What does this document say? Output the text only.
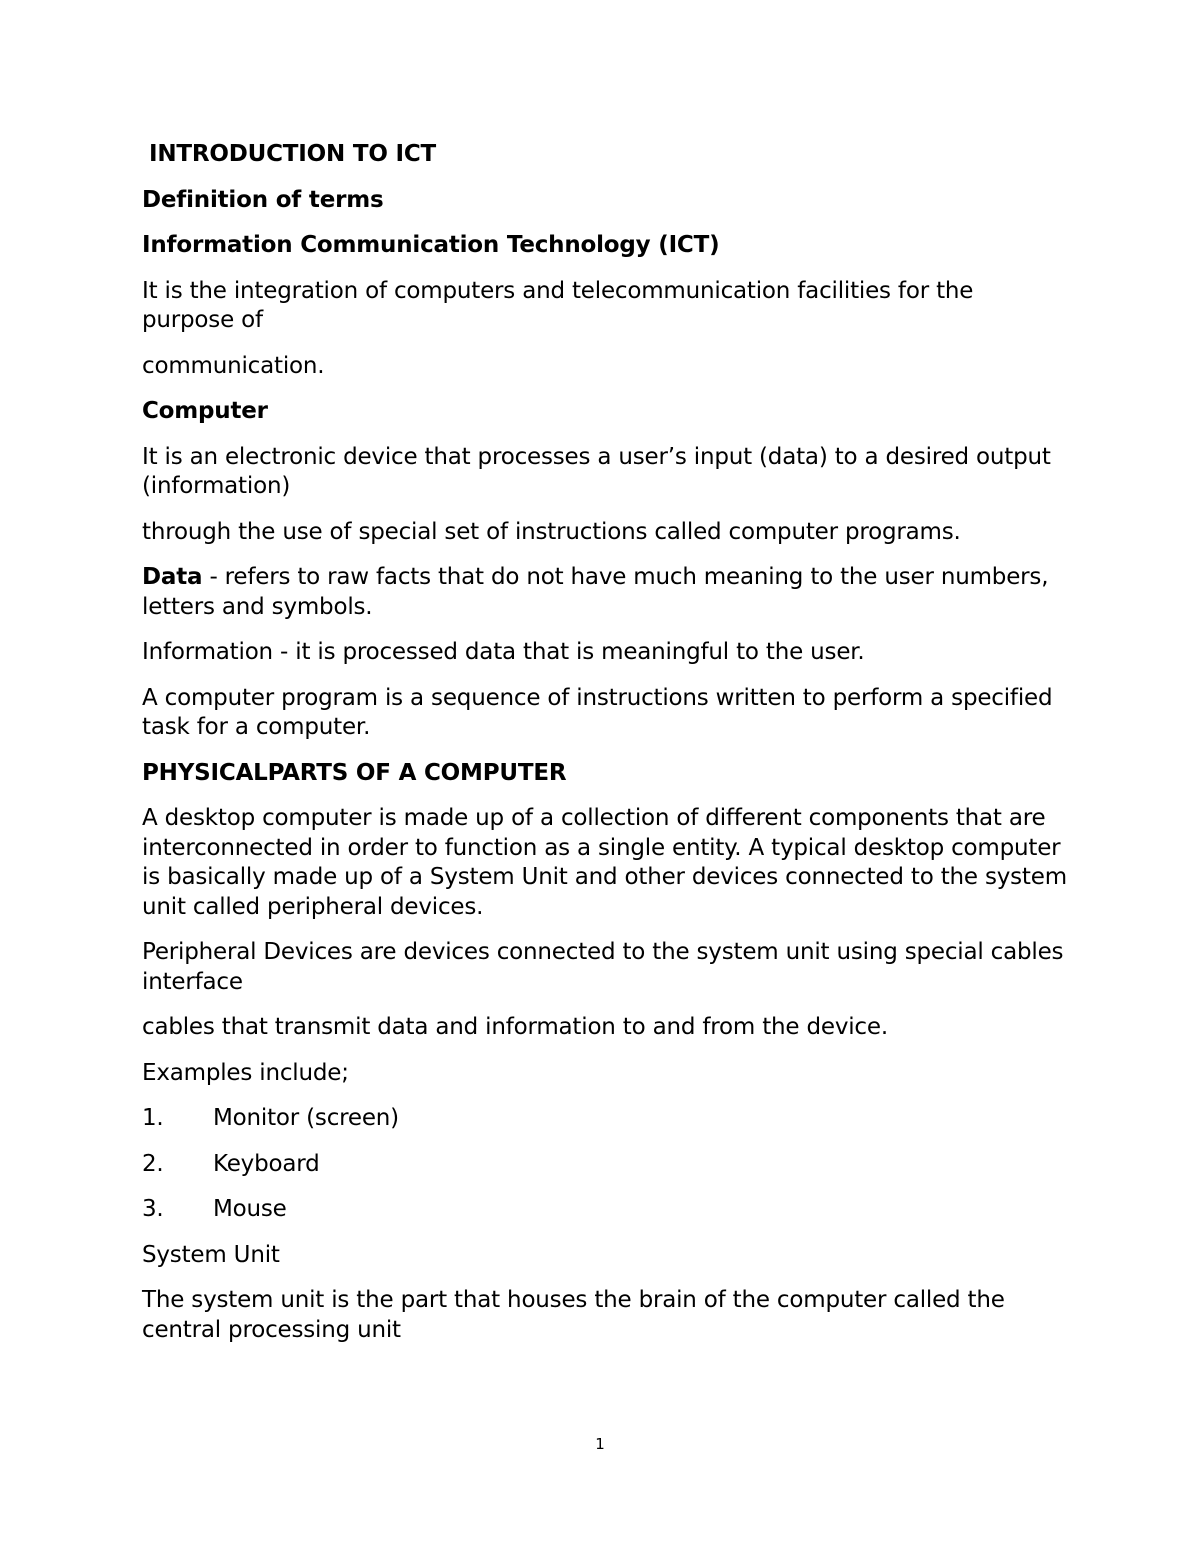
INTRODUCTION TO ICT

Definition of terms

Information Communication Technology (ICT)

It is the integration of computers and telecommunication facilities for the purpose of

communication.

Computer

It is an electronic device that processes a user’s input (data) to a desired output (information)

through the use of special set of instructions called computer programs.

Data - refers to raw facts that do not have much meaning to the user numbers, letters and symbols.

Information - it is processed data that is meaningful to the user.

A computer program is a sequence of instructions written to perform a specified task for a computer.

PHYSICALPARTS OF A COMPUTER

A desktop computer is made up of a collection of different components that are interconnected in order to function as a single entity. A typical desktop computer is basically made up of a System Unit and other devices connected to the system unit called peripheral devices.

Peripheral Devices are devices connected to the system unit using special cables interface

cables that transmit data and information to and from the device.

Examples include;

1. Monitor (screen)
2. Keyboard
3. Mouse

System Unit

The system unit is the part that houses the brain of the computer called the central processing unit

1
